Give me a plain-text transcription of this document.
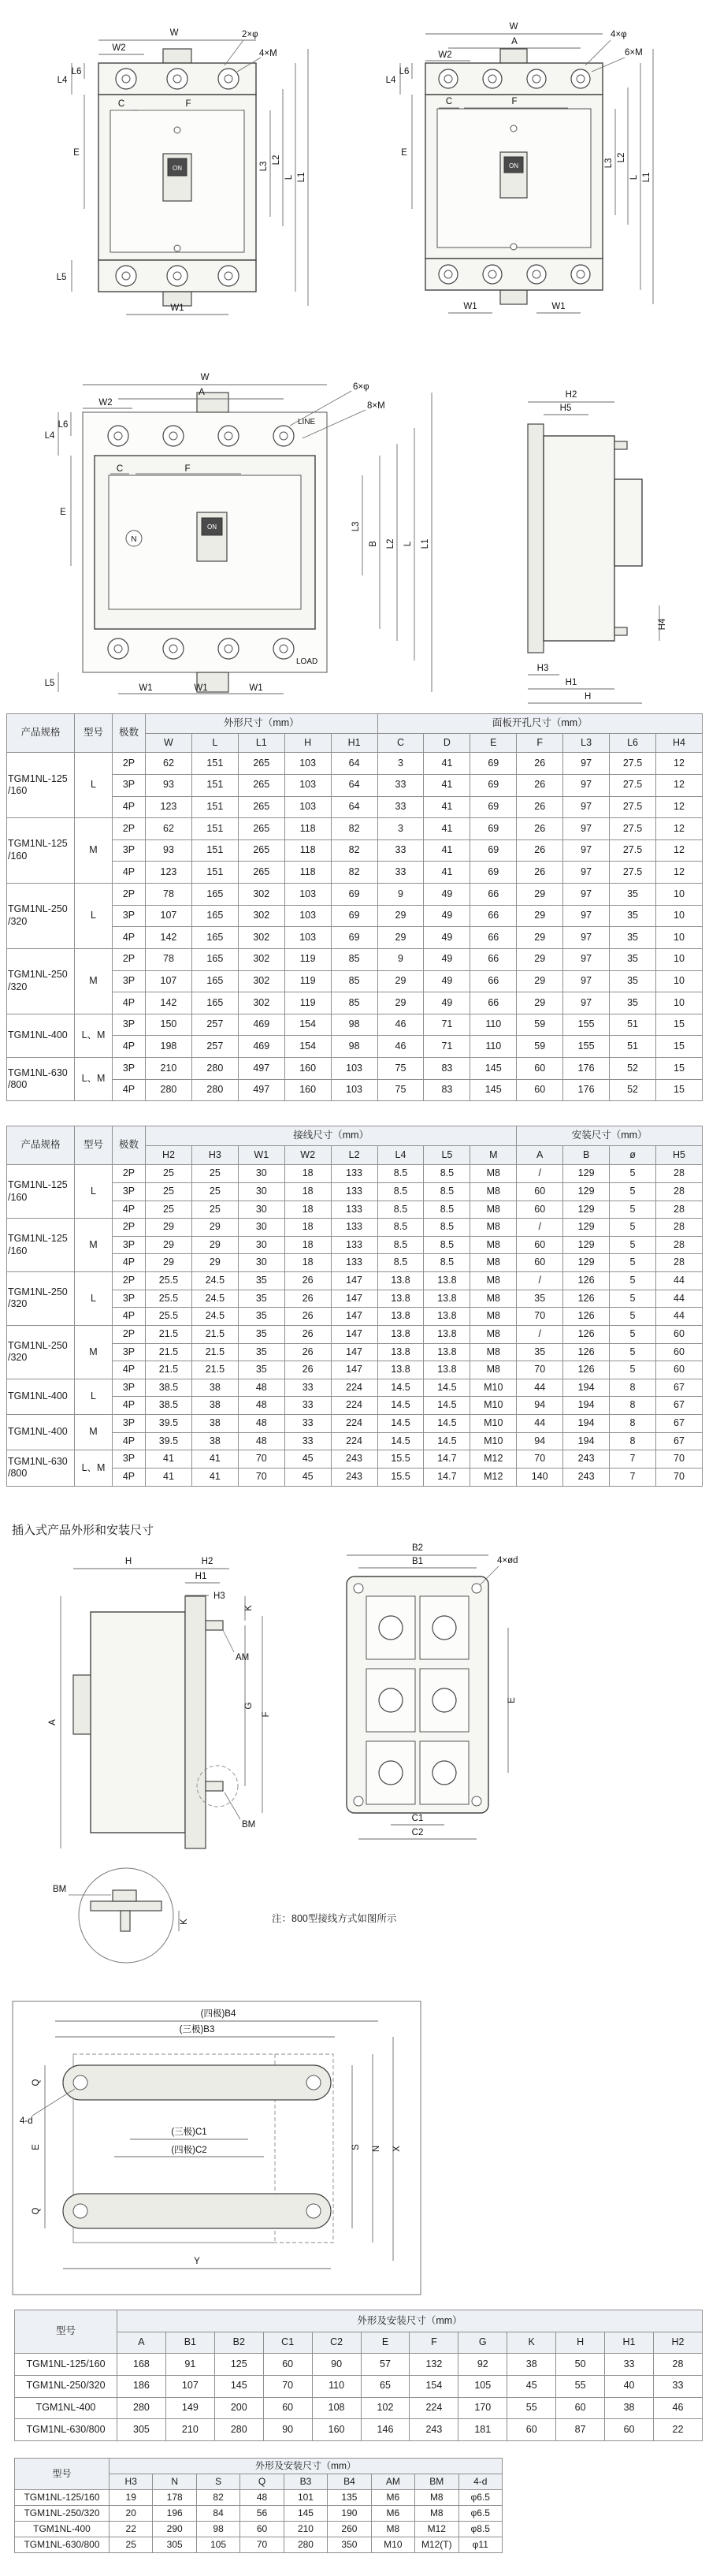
ON
W
W2
2×φ
4×M
C	F
L6
L4
E
L5
L3
L2
L L1
W1
ON
W
A
W2
4×φ
6×M
C	F
L6
L4
E
L3
L2
L L1
W1	W1
ON
N
W
A
W2
6×φ
8×M
LINE
LOAD
C	F
L6
L4
E
L5
L3
B L2 L L1
W1	W1	W1
H2
H5
H4
H3
H1
H
产品规格	型号	极数	外形尺寸（mm）					面板开孔尺寸（mm）						
			W	L	L1	H	H1	C	D	E	F	L3	L6	H4

TGM1NL-125
/160	L	2P	62	151	265	103	64	3	41	69	26	97	27.5	12
		3P	93	151	265	103	64	33	41	69	26	97	27.5	12
		4P	123	151	265	103	64	33	41	69	26	97	27.5	12

TGM1NL-125
/160	M	2P	62	151	265	118	82	3	41	69	26	97	27.5	12
		3P	93	151	265	118	82	33	41	69	26	97	27.5	12
		4P	123	151	265	118	82	33	41	69	26	97	27.5	12

TGM1NL-250
/320	L	2P	78	165	302	103	69	9	49	66	29	97	35	10
		3P	107	165	302	103	69	29	49	66	29	97	35	10
		4P	142	165	302	103	69	29	49	66	29	97	35	10

TGM1NL-250
/320	M	2P	78	165	302	119	85	9	49	66	29	97	35	10
		3P	107	165	302	119	85	29	49	66	29	97	35	10
		4P	142	165	302	119	85	29	49	66	29	97	35	10

TGM1NL-400	L、M	3P	150	257	469	154	98	46	71	110	59	155	51	15
		4P	198	257	469	154	98	46	71	110	59	155	51	15

TGM1NL-630
/800	L、M	3P	210	280	497	160	103	75	83	145	60	176	52	15
		4P	280	280	497	160	103	75	83	145	60	176	52	15
产品规格	型号	极数	接线尺寸（mm）								安装尺寸（mm）			
			H2	H3	W1	W2	L2	L4	L5	M	A	B	ø	H5

TGM1NL-125
/160	L	2P	25	25	30	18	133	8.5	8.5	M8	/	129	5	28
		3P	25	25	30	18	133	8.5	8.5	M8	60	129	5	28
		4P	25	25	30	18	133	8.5	8.5	M8	60	129	5	28

TGM1NL-125
/160	M	2P	29	29	30	18	133	8.5	8.5	M8	/	129	5	28
		3P	29	29	30	18	133	8.5	8.5	M8	60	129	5	28
		4P	29	29	30	18	133	8.5	8.5	M8	60	129	5	28

TGM1NL-250
/320	L	2P	25.5	24.5	35	26	147	13.8	13.8	M8	/	126	5	44
		3P	25.5	24.5	35	26	147	13.8	13.8	M8	35	126	5	44
		4P	25.5	24.5	35	26	147	13.8	13.8	M8	70	126	5	44

TGM1NL-250
/320	M	2P	21.5	21.5	35	26	147	13.8	13.8	M8	/	126	5	60
		3P	21.5	21.5	35	26	147	13.8	13.8	M8	35	126	5	60
		4P	21.5	21.5	35	26	147	13.8	13.8	M8	70	126	5	60

TGM1NL-400	L	3P	38.5	38	48	33	224	14.5	14.5	M10	44	194	8	67
		4P	38.5	38	48	33	224	14.5	14.5	M10	94	194	8	67

TGM1NL-400	M	3P	39.5	38	48	33	224	14.5	14.5	M10	44	194	8	67
		4P	39.5	38	48	33	224	14.5	14.5	M10	94	194	8	67

TGM1NL-630
/800	L、M	3P	41	41	70	45	243	15.5	14.7	M12	70	243	7	70
		4P	41	41	70	45	243	15.5	14.7	M12	140	243	7	70
插入式产品外形和安装尺寸
H	H2
H1
H3
A
K
G
F
AM
BM
BM
K	注：800型接线方式如图所示
B2
B1	4×ød
E
C1
C2
(四极)B4
(三极)B3
4-d
Q
E
Q
S N X
(三极)C1
(四极)C2
Y
型号	外形及安装尺寸（mm）											
	A	B1	B2	C1	C2	E	F	G	K	H	H1	H2
TGM1NL-125/160	168	91	125	60	90	57	132	92	38	50	33	28
TGM1NL-250/320	186	107	145	70	110	65	154	105	45	55	40	33
TGM1NL-400	280	149	200	60	108	102	224	170	55	60	38	46
TGM1NL-630/800	305	210	280	90	160	146	243	181	60	87	60	22
型号	外形及安装尺寸（mm）								
	H3	N	S	Q	B3	B4	AM	BM	4-d
TGM1NL-125/160	19	178	82	48	101	135	M6	M8	φ6.5
TGM1NL-250/320	20	196	84	56	145	190	M6	M8	φ6.5
TGM1NL-400	22	290	98	60	210	260	M8	M12	φ8.5
TGM1NL-630/800	25	305	105	70	280	350	M10	M12(T)	φ11
